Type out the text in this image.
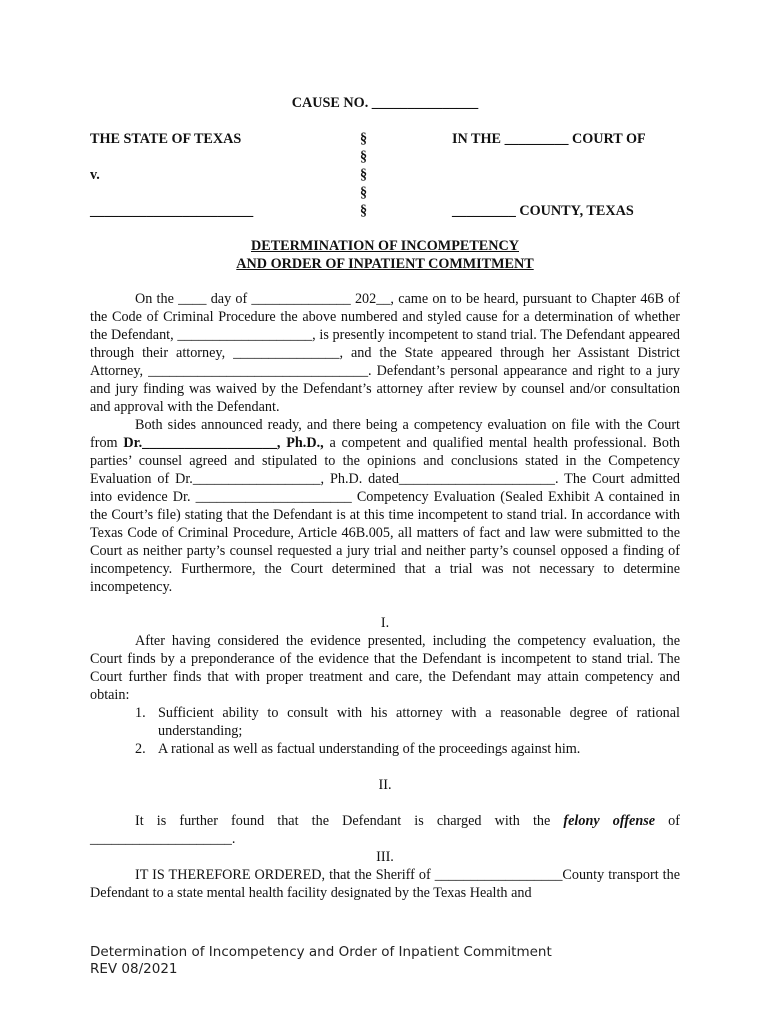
CAUSE NO. _______________
THE STATE OF TEXAS
v.
_______________________
§
§
§
§
§
IN THE _________ COURT OF
_________ COUNTY, TEXAS
DETERMINATION OF INCOMPETENCY
AND ORDER OF INPATIENT COMMITMENT

On the ____ day of ______________ 202__, came on to be heard, pursuant to Chapter 46B of the Code of Criminal Procedure the above numbered and styled cause for a determination of whether the Defendant, ___________________, is presently incompetent to stand trial. The Defendant appeared through their attorney, _______________, and the State appeared through her Assistant District Attorney, _______________________________. Defendant’s personal appearance and right to a jury and jury finding was waived by the Defendant’s attorney after review by counsel and/or consultation and approval with the Defendant.

Both sides announced ready, and there being a competency evaluation on file with the Court from Dr.___________________, Ph.D., a competent and qualified mental health professional. Both parties’ counsel agreed and stipulated to the opinions and conclusions stated in the Competency Evaluation of Dr.__________________, Ph.D. dated______________________. The Court admitted into evidence Dr. ______________________ Competency Evaluation (Sealed Exhibit A contained in the Court’s file) stating that the Defendant is at this time incompetent to stand trial. In accordance with Texas Code of Criminal Procedure, Article 46B.005, all matters of fact and law were submitted to the Court as neither party’s counsel requested a jury trial and neither party’s counsel opposed a finding of incompetency. Furthermore, the Court determined that a trial was not necessary to determine incompetency.

I.

After having considered the evidence presented, including the competency evaluation, the Court finds by a preponderance of the evidence that the Defendant is incompetent to stand trial. The Court further finds that with proper treatment and care, the Defendant may attain competency and obtain:

1. Sufficient ability to consult with his attorney with a reasonable degree of rational understanding;
2. A rational as well as factual understanding of the proceedings against him.

II.

It is further found that the Defendant is charged with the felony offense of ____________________.

III.

IT IS THEREFORE ORDERED, that the Sheriff of __________________County transport the Defendant to a state mental health facility designated by the Texas Health and

Determination of Incompetency and Order of Inpatient Commitment
REV 08/2021
